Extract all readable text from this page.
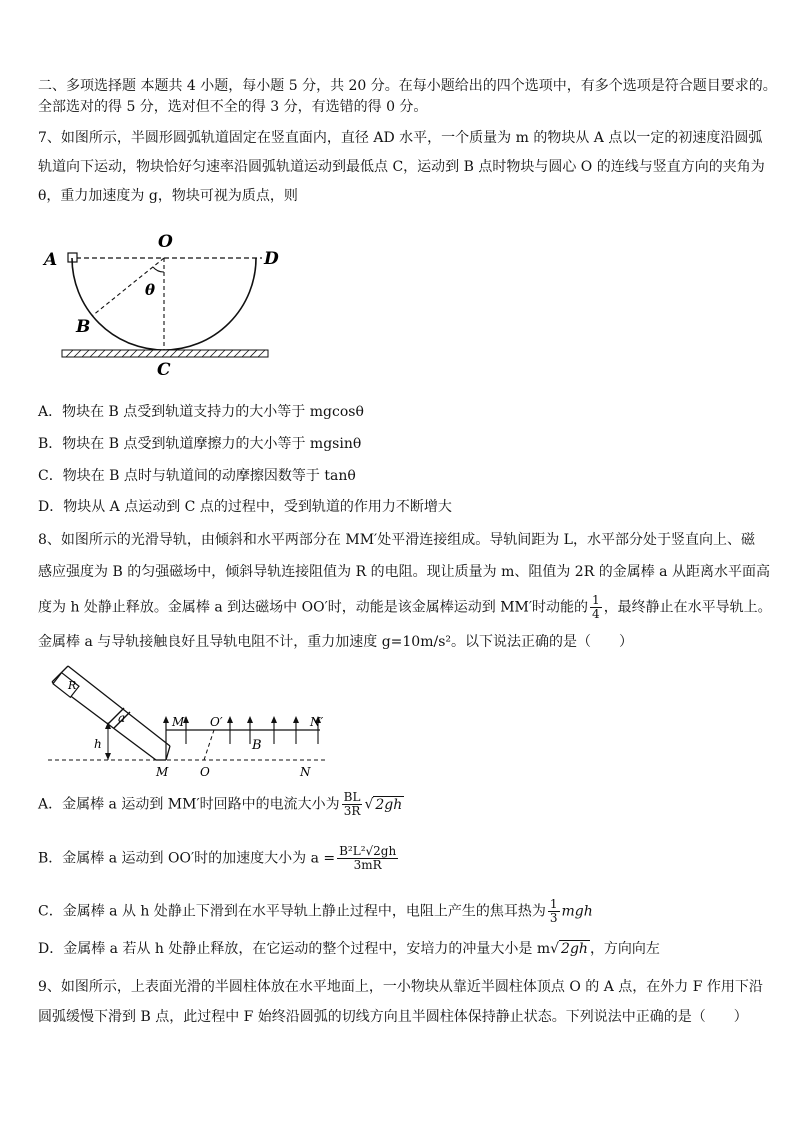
二、多项选择题 本题共 4 小题，每小题 5 分，共 20 分。在每小题给出的四个选项中，有多个选项是符合题目要求的。
全部选对的得 5 分，选对但不全的得 3 分，有选错的得 0 分。
7、如图所示，半圆形圆弧轨道固定在竖直面内，直径 AD 水平，一个质量为 m 的物块从 A 点以一定的初速度沿圆弧
轨道向下运动，物块恰好匀速率沿圆弧轨道运动到最低点 C，运动到 B 点时物块与圆心 O 的连线与竖直方向的夹角为
θ，重力加速度为 g，物块可视为质点，则
A
O
D
B
C
θ
A．物块在 B 点受到轨道支持力的大小等于 mgcosθ
B．物块在 B 点受到轨道摩擦力的大小等于 mgsinθ
C．物块在 B 点时与轨道间的动摩擦因数等于 tanθ
D．物块从 A 点运动到 C 点的过程中，受到轨道的作用力不断增大
8、如图所示的光滑导轨，由倾斜和水平两部分在 MM′处平滑连接组成。导轨间距为 L，水平部分处于竖直向上、磁
感应强度为 B 的匀强磁场中，倾斜导轨连接阻值为 R 的电阻。现让质量为 m、阻值为 2R 的金属棒 a 从距离水平面高
度为 h 处静止释放。金属棒 a 到达磁场中 OO′时，动能是该金属棒运动到 MM′时动能的 $\frac{1}{4}$ ，最终静止在水平导轨上。
金属棒 a 与导轨接触良好且导轨电阻不计，重力加速度 g=10m/s²。以下说法正确的是（　　）
R
a
h
M′ O′	N′
B
M	O	N
A．金属棒 a 运动到 MM′时回路中的电流大小为 $\frac{BL}{3R}$ √ 2gh
B．金属棒 a 运动到 OO′时的加速度大小为 $a = \frac{\text{B²L²√2gh}}{3mR}$
C．金属棒 a 从 h 处静止下滑到在水平导轨上静止过程中，电阻上产生的焦耳热为 $\frac{1}{3}$ mgh
D．金属棒 a 若从 h 处静止释放，在它运动的整个过程中，安培力的冲量大小是 m√ 2gh ，方向向左
9、如图所示，上表面光滑的半圆柱体放在水平地面上，一小物块从靠近半圆柱体顶点 O 的 A 点，在外力 F 作用下沿
圆弧缓慢下滑到 B 点，此过程中 F 始终沿圆弧的切线方向且半圆柱体保持静止状态。下列说法中正确的是（　　）
